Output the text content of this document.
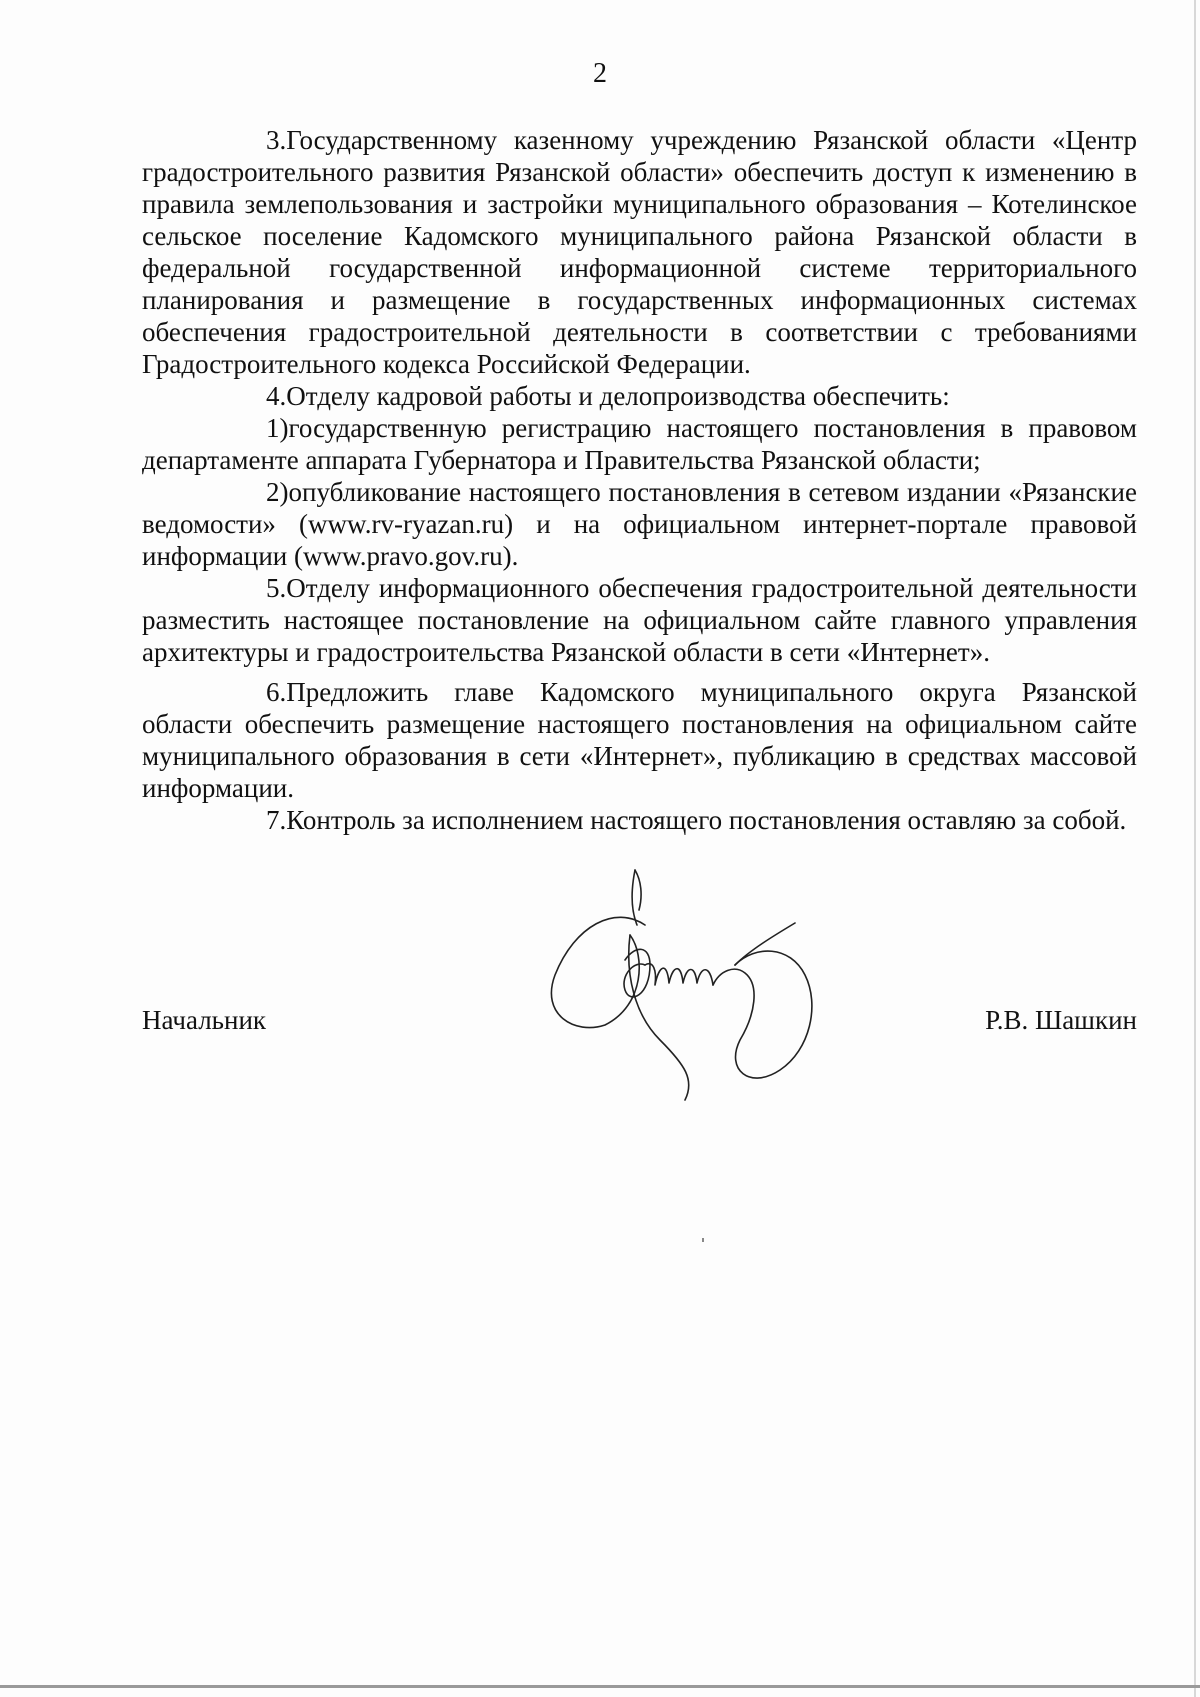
2

3.Государственному казенному учреждению Рязанской области «Центр градостроительного развития Рязанской области» обеспечить доступ к изменению в правила землепользования и застройки муниципального образования – Котелинское сельское поселение Кадомского муниципального района Рязанской области в федеральной государственной информационной системе территориального планирования и размещение в государственных информационных системах обеспечения градостроительной деятельности в соответствии с требованиями Градостроительного кодекса Российской Федерации.

4.Отделу кадровой работы и делопроизводства обеспечить:

1)государственную регистрацию настоящего постановления в правовом департаменте аппарата Губернатора и Правительства Рязанской области;

2)опубликование настоящего постановления в сетевом издании «Рязанские ведомости» (www.rv-ryazan.ru) и на официальном интернет-портале правовой информации (www.pravo.gov.ru).

5.Отделу информационного обеспечения градостроительной деятельности разместить настоящее постановление на официальном сайте главного управления архитектуры и градостроительства Рязанской области в сети «Интернет».

6.Предложить главе Кадомского муниципального округа Рязанской области обеспечить размещение настоящего постановления на официальном сайте муниципального образования в сети «Интернет», публикацию в средствах массовой информации.

7.Контроль за исполнением настоящего постановления оставляю за собой.

Начальник	Р.В. Шашкин
